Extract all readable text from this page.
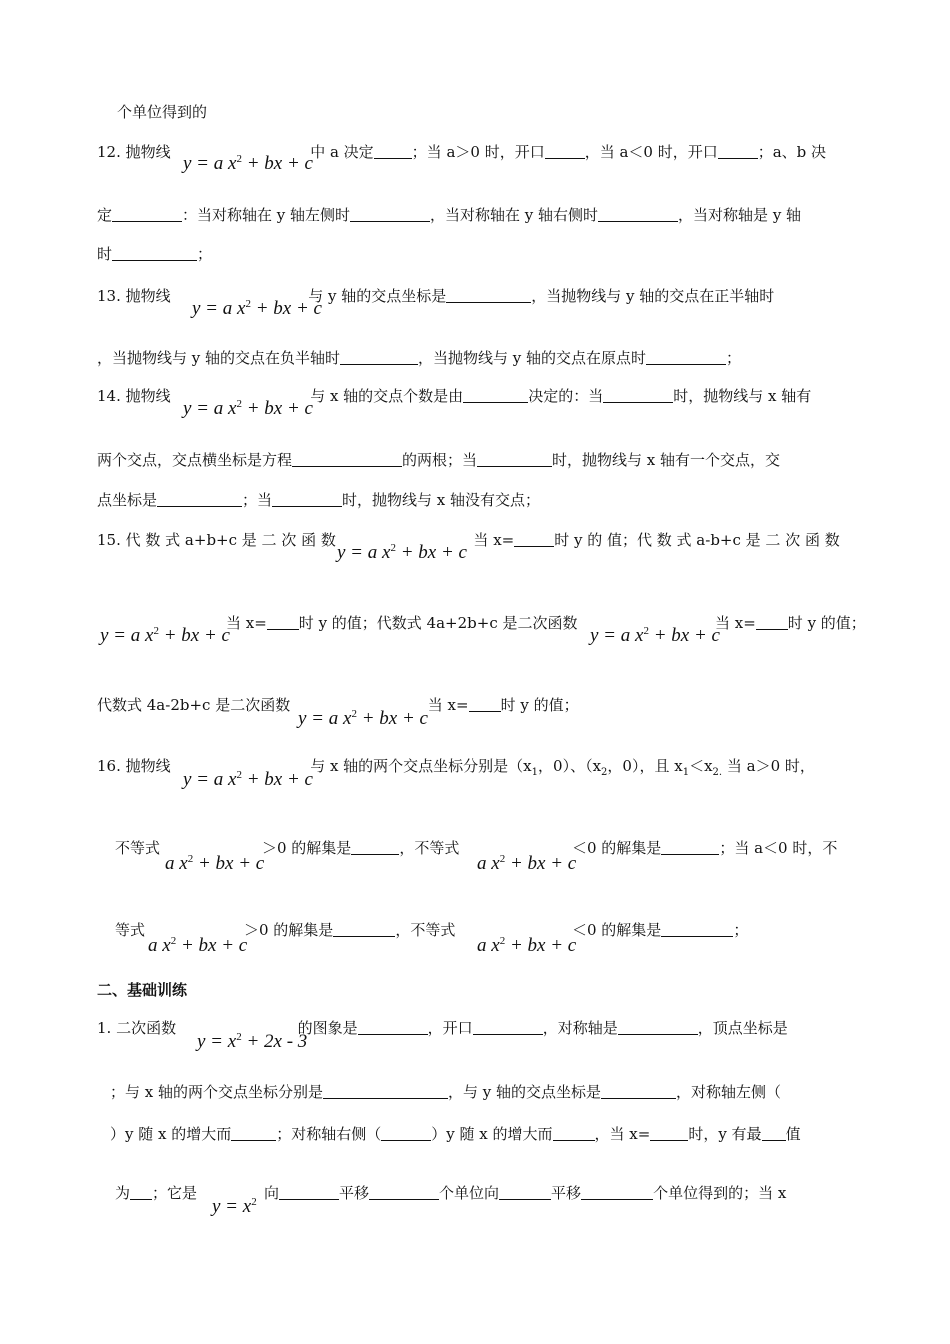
个单位得到的
12. 抛物线	中 a 决定	；当 a＞0 时，开口	，当 a＜0 时，开口	；a、b 决
y = a $x^2$ + bx + c
定	：当对称轴在 y 轴左侧时	，当对称轴在 y 轴右侧时	，当对称轴是 y 轴
时	；
13. 抛物线	与 y 轴的交点坐标是	，当抛物线与 y 轴的交点在正半轴时
y = a $x^2$ + bx + c
，当抛物线与 y 轴的交点在负半轴时	，当抛物线与 y 轴的交点在原点时	；
14. 抛物线	与 x 轴的交点个数是由	决定的：当	时，抛物线与 x 轴有
y = a $x^2$ + bx + c
两个交点，交点横坐标是方程	的两根；当	时，抛物线与 x 轴有一个交点，交
点坐标是	；当	时，抛物线与 x 轴没有交点；
15. 代 数 式 a+b+c 是 二 次 函 数	当 x=	时 y 的 值；代 数 式 a-b+c 是 二 次 函 数
y = a $x^2$ + bx + c
y = a $x^2$ + bx + c
当 x= 时 y 的值；代数式 4a+2b+c 是二次函数
y = a $x^2$ + bx + c
当 x= 时 y 的值；
代数式 4a-2b+c 是二次函数	当 x= 时 y 的值；
y = a $x^2$ + bx + c
16. 抛物线	与 x 轴的两个交点坐标分别是（$x_1$，0）、（$x_2$，0），且 $x_1<x_{2.}$ 当 a＞0 时，
y = a $x^2$ + bx + c
不等式
a $x^2$ + bx + c
＞0 的解集是	，不等式
a $x^2$ + bx + c
＜0 的解集是	；当 a＜0 时，不
等式
a $x^2$ + bx + c
＞0 的解集是	，不等式
a $x^2$ + bx + c
＜0 的解集是	；
二、基础训练
1. 二次函数	的图象是	，开口	，对称轴是	，顶点坐标是
$y = x^2 + 2x - 3$
；与 x 轴的两个交点坐标分别是	，与 y 轴的交点坐标是	，对称轴左侧（
）y 随 x 的增大而	；对称轴右侧（	）y 随 x 的增大而	，当 x=	时，y 有最 值
为 ；它是
$y = x^2$ 向	平移	个单位向	平移	个单位得到的；当 x
